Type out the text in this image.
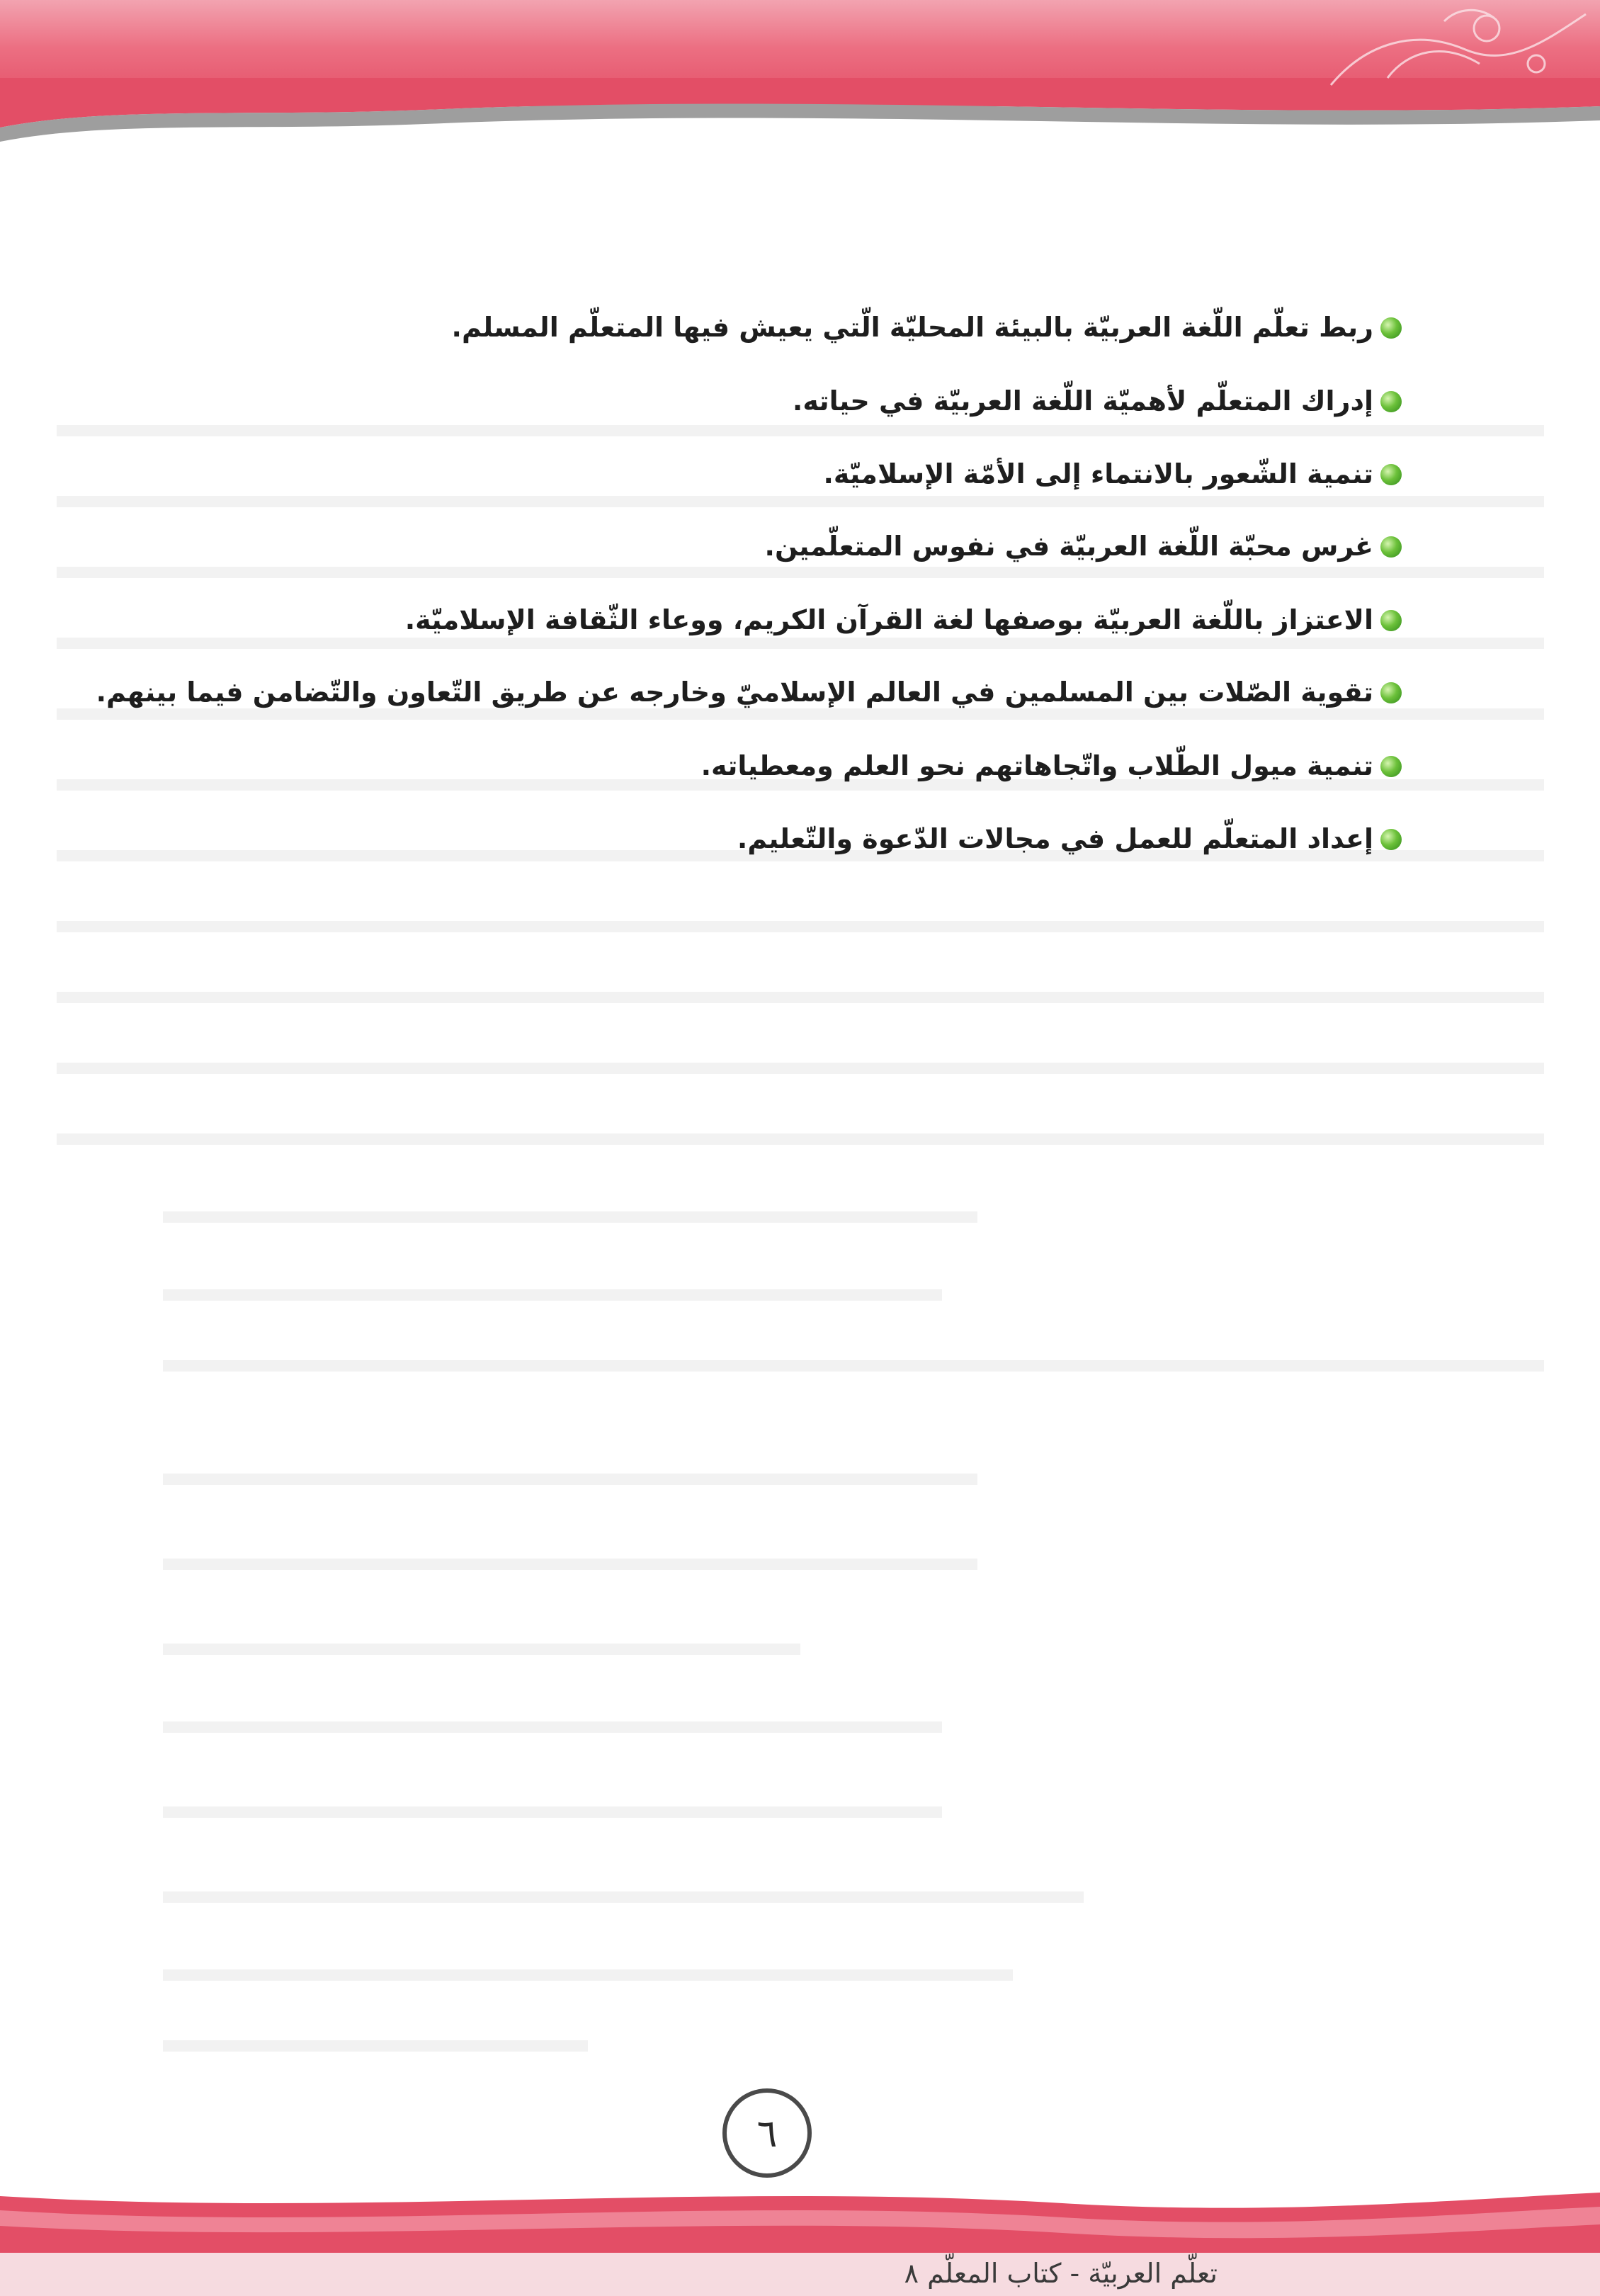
ربط تعلّم اللّغة العربيّة بالبيئة المحليّة الّتي يعيش فيها المتعلّم المسلم.
إدراك المتعلّم لأهميّة اللّغة العربيّة في حياته.
تنمية الشّعور بالانتماء إلى الأمّة الإسلاميّة.
غرس محبّة اللّغة العربيّة في نفوس المتعلّمين.
الاعتزاز باللّغة العربيّة بوصفها لغة القرآن الكريم، ووعاء الثّقافة الإسلاميّة.
تقوية الصّلات بين المسلمين في العالم الإسلاميّ وخارجه عن طريق التّعاون والتّضامن فيما بينهم.
تنمية ميول الطّلاب واتّجاهاتهم نحو العلم ومعطياته.
إعداد المتعلّم للعمل في مجالات الدّعوة والتّعليم.
٦
تعلّم العربيّة - كتاب المعلّم ٨
